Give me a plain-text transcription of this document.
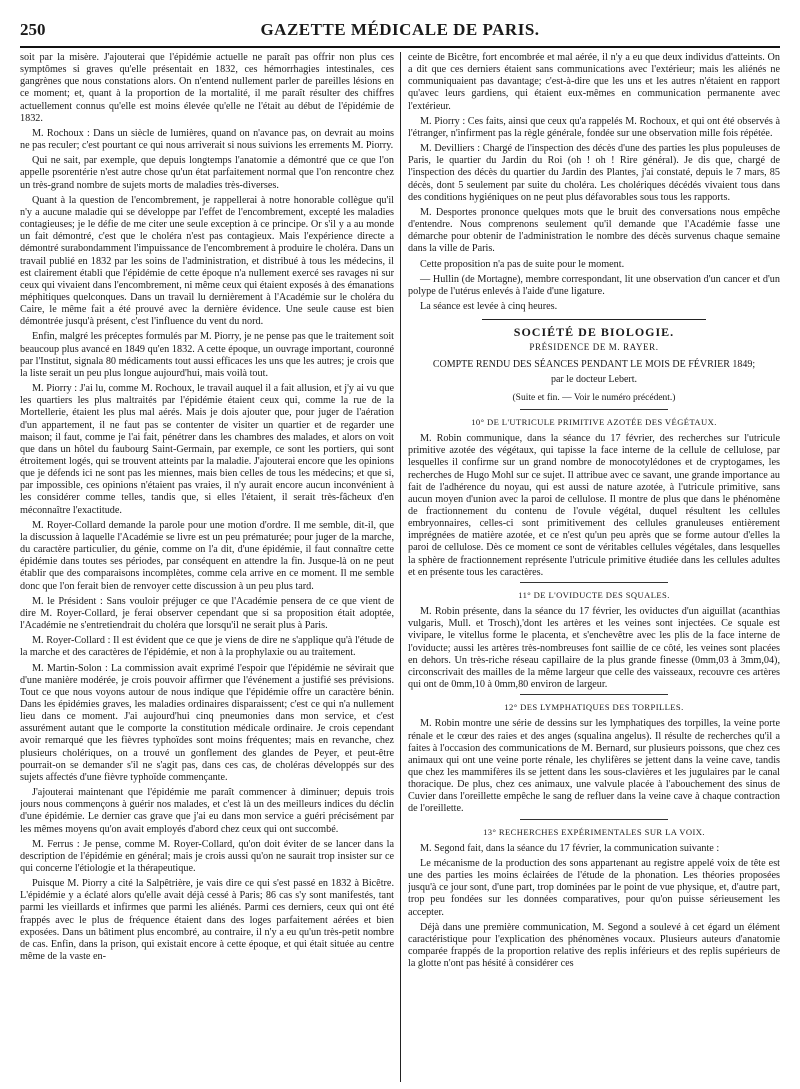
250	GAZETTE MÉDICALE DE PARIS.

soit par la misère. J'ajouterai que l'épidémie actuelle ne paraît pas offrir non plus ces symptômes si graves qu'elle présentait en 1832, ces hémorrhagies intestinales, ces gangrènes que nous constations alors. On n'entend nullement parler de pareilles lésions en ce moment; et, quant à la proportion de la mortalité, il me paraît résulter des chiffres actuellement connus qu'elle est moins élevée qu'elle ne l'était au début de l'épidémie de 1832.

M. Rochoux : Dans un siècle de lumières, quand on n'avance pas, on devrait au moins ne pas reculer; c'est pourtant ce qui nous arriverait si nous suivions les errements M. Piorry.

Qui ne sait, par exemple, que depuis longtemps l'anatomie a démontré que ce que l'on appelle psorentérie n'est autre chose qu'un état parfaitement normal que l'on rencontre chez un très-grand nombre de sujets morts de maladies très-diverses.

Quant à la question de l'encombrement, je rappellerai à notre honorable collègue qu'il n'y a aucune maladie qui se développe par l'effet de l'encombrement, excepté les maladies contagieuses; je le défie de me citer une seule exception à ce principe. Or s'il y a au monde un fait démontré, c'est que le choléra n'est pas contagieux. Mais l'expérience directe a démontré surabondamment l'impuissance de l'encombrement à produire le choléra. Dans un travail publié en 1832 par les soins de l'administration, et distribué à tous les médecins, il est clairement établi que l'épidémie de cette époque n'a nullement exercé ses ravages ni sur ceux qui vivaient dans l'encombrement, ni même ceux qui étaient exposés à des émanations méphitiques quelconques. Dans un travail lu dernièrement à l'Académie sur le choléra du Caire, le même fait a été prouvé avec la dernière évidence. Une seule cause est bien démontrée jusqu'à présent, c'est l'influence du vent du nord.

Enfin, malgré les préceptes formulés par M. Piorry, je ne pense pas que le traitement soit beaucoup plus avancé en 1849 qu'en 1832. A cette époque, un ouvrage important, couronné par l'Institut, signala 80 médicaments tout aussi efficaces les uns que les autres; je crois que la liste serait un peu plus longue aujourd'hui, mais voilà tout.

M. Piorry : J'ai lu, comme M. Rochoux, le travail auquel il a fait allusion, et j'y ai vu que les quartiers les plus maltraités par l'épidémie étaient ceux qui, comme la rue de la Mortellerie, étaient les plus mal aérés. Mais je dois ajouter que, pour juger de l'aération d'un appartement, il ne faut pas se contenter de visiter un quartier et de regarder une maison; il faut, comme je l'ai fait, pénétrer dans les chambres des malades, et alors on voit que dans un hôtel du faubourg Saint-Germain, par exemple, ce sont les portiers, qui sont étroitement logés, qui se trouvent atteints par la maladie. J'ajouterai encore que les opinions que je défends ici ne sont pas les miennes, mais bien celles de tous les médecins; et que si, par impossible, ces opinions n'étaient pas vraies, il n'y aurait encore aucun inconvénient à les considérer comme telles, tandis que, si elles l'étaient, il serait très-fâcheux d'en méconnaître l'exactitude.

M. Royer-Collard demande la parole pour une motion d'ordre. Il me semble, dit-il, que la discussion à laquelle l'Académie se livre est un peu prématurée; pour juger de la marche, du caractère particulier, du génie, comme on l'a dit, d'une épidémie, il faut connaître cette épidémie dans toutes ses périodes, par conséquent en attendre la fin. Jusque-là on ne peut établir que des comparaisons incomplètes, comme cela arrive en ce moment. Il me semble donc que l'on ferait bien de renvoyer cette discussion à un peu plus tard.

M. le Président : Sans vouloir préjuger ce que l'Académie pensera de ce que vient de dire M. Royer-Collard, je ferai observer cependant que si sa proposition était adoptée, l'Académie ne s'entretiendrait du choléra que lorsqu'il ne serait plus à Paris.

M. Royer-Collard : Il est évident que ce que je viens de dire ne s'applique qu'à l'étude de la marche et des caractères de l'épidémie, et non à la prophylaxie ou au traitement.

M. Martin-Solon : La commission avait exprimé l'espoir que l'épidémie ne sévirait que d'une manière modérée, je crois pouvoir affirmer que l'événement a justifié ses prévisions. Tout ce que nous voyons autour de nous indique que l'épidémie offre un caractère bénin. Dans les épidémies graves, les maladies ordinaires disparaissent; c'est ce qui n'a nullement lieu dans ce moment. J'ai aujourd'hui cinq pneumonies dans mon service, et c'est assurément autant que le comporte la constitution médicale ordinaire. Je crois cependant avoir remarqué que les fièvres typhoïdes sont moins fréquentes; mais en revanche, chez plusieurs cholériques, on a trouvé un gonflement des glandes de Peyer, et peut-être pourrait-on se demander s'il ne s'agit pas, dans ces cas, de choléras développés sur des sujets affectés d'une fièvre typhoïde commençante.

J'ajouterai maintenant que l'épidémie me paraît commencer à diminuer; depuis trois jours nous commençons à guérir nos malades, et c'est là un des meilleurs indices du déclin d'une épidémie. Le dernier cas grave que j'ai eu dans mon service a guéri précisément par les mêmes moyens qu'on avait employés d'abord chez ceux qui ont succombé.

M. Ferrus : Je pense, comme M. Royer-Collard, qu'on doit éviter de se lancer dans la description de l'épidémie en général; mais je crois aussi qu'on ne saurait trop insister sur ce qui concerne l'étiologie et la thérapeutique.

Puisque M. Piorry a cité la Salpêtrière, je vais dire ce qui s'est passé en 1832 à Bicêtre. L'épidémie y a éclaté alors qu'elle avait déjà cessé à Paris; 86 cas s'y sont manifestés, tant parmi les vieillards et infirmes que parmi les aliénés. Parmi ces derniers, ceux qui ont été frappés avec le plus de fréquence étaient dans des loges parfaitement aérées et bien exposées. Dans un bâtiment plus encombré, au contraire, il n'y a eu qu'un très-petit nombre de cas. Enfin, dans la prison, qui existait encore à cette époque, et qui était située au centre même de la vaste en-

ceinte de Bicêtre, fort encombrée et mal aérée, il n'y a eu que deux individus d'atteints. On a dit que ces derniers étaient sans communications avec l'extérieur; mais les aliénés ne communiquaient pas davantage; c'est-à-dire que les uns et les autres n'étaient en rapport qu'avec leurs gardiens, qui étaient eux-mêmes en communication permanente avec l'extérieur.

M. Piorry : Ces faits, ainsi que ceux qu'a rappelés M. Rochoux, et qui ont été observés à l'étranger, n'infirment pas la règle générale, fondée sur une observation mille fois répétée.

M. Devilliers : Chargé de l'inspection des décès d'une des parties les plus populeuses de Paris, le quartier du Jardin du Roi (oh ! oh ! Rire général). Je dis que, chargé de l'inspection des décès du quartier du Jardin des Plantes, j'ai constaté, depuis le 7 mars, 85 décès, dont 5 seulement par suite du choléra. Les cholériques décédés vivaient tous dans des conditions hygiéniques on ne peut plus défavorables sous tous les rapports.

M. Desportes prononce quelques mots que le bruit des conversations nous empêche d'entendre. Nous comprenons seulement qu'il demande que l'Académie fasse une démarche pour obtenir de l'administration le nombre des décès survenus chaque semaine dans la ville de Paris.

Cette proposition n'a pas de suite pour le moment.

— Hullin (de Mortagne), membre correspondant, lit une observation d'un cancer et d'un polype de l'utérus enlevés à l'aide d'une ligature.

La séance est levée à cinq heures.

SOCIÉTÉ DE BIOLOGIE.
PRÉSIDENCE DE M. RAYER.
COMPTE RENDU DES SÉANCES PENDANT LE MOIS DE FÉVRIER 1849;
par le docteur Lebert.
(Suite et fin. — Voir le numéro précédent.)
10° DE L'UTRICULE PRIMITIVE AZOTÉE DES VÉGÉTAUX.

M. Robin communique, dans la séance du 17 février, des recherches sur l'utricule primitive azotée des végétaux, qui tapisse la face interne de la cellule de cellulose, par lesquelles il confirme sur un grand nombre de monocotylédones et de cryptogames, les recherches de Hugo Mohl sur ce sujet. Il attribue avec ce savant, une grande importance au fait de l'adhérence du noyau, qui est aussi de nature azotée, à l'utricule primitive, sans aucun moyen d'union avec la paroi de cellulose. Il montre de plus que dans le phénomène de fractionnement du contenu de l'ovule végétal, duquel résultent les cellules embryonnaires, celles-ci sont primitivement des cellules granuleuses entièrement imprégnées de matière azotée, et ce n'est qu'un peu après que se forme autour d'elles la paroi de cellulose. Dès ce moment ce sont de véritables cellules végétales, dans lesquelles la sphère de fractionnement représente l'utricule primitive étudiée dans les cellules adultes et en présente tous les caractères.

11° DE L'OVIDUCTE DES SQUALES.

M. Robin présente, dans la séance du 17 février, les oviductes d'un aiguillat (acanthias vulgaris, Mull. et Trosch),'dont les artères et les veines sont injectées. Ce squale est vivipare, le vitellus forme le placenta, et s'enchevêtre avec les plis de la face interne de l'oviducte; aussi les artères très-nombreuses font saillie de ce côté, les veines sont placées en dehors. Un très-riche réseau capillaire de la plus grande finesse (0mm,03 à 3mm,04), circonscrivait des mailles de la même largeur que celle des vaisseaux, recouvre ces artères qui ont de 0mm,10 à 0mm,80 environ de largeur.

12° DES LYMPHATIQUES DES TORPILLES.

M. Robin montre une série de dessins sur les lymphatiques des torpilles, la veine porte rénale et le cœur des raies et des anges (squalina angelus). Il résulte de recherches qu'il a faites à l'occasion des communications de M. Bernard, sur plusieurs poissons, que chez ces animaux qui ont une veine porte rénale, les chylifères se jettent dans la veine cave, tandis que chez les mammifères ils se jettent dans les sous-clavières et les jugulaires par le canal thoracique. De plus, chez ces animaux, une valvule placée à l'abouchement des sinus de Cuvier dans l'oreillette empêche le sang de refluer dans la veine cave à chaque contraction de l'oreillette.

13° RECHERCHES EXPÉRIMENTALES SUR LA VOIX.

M. Segond fait, dans la séance du 17 février, la communication suivante :

Le mécanisme de la production des sons appartenant au registre appelé voix de tête est une des parties les moins éclairées de l'étude de la phonation. Les théories proposées jusqu'à ce jour sont, d'une part, trop dominées par le point de vue physique, et, d'autre part, trop peu fondées sur les données comparatives, pour qu'on puisse sérieusement les accepter.

Déjà dans une première communication, M. Segond a soulevé à cet égard un élément caractéristique pour l'explication des phénomènes vocaux. Plusieurs auteurs d'anatomie comparée frappés de la proportion relative des replis inférieurs et des replis supérieurs de la glotte n'ont pas hésité à considérer ces
